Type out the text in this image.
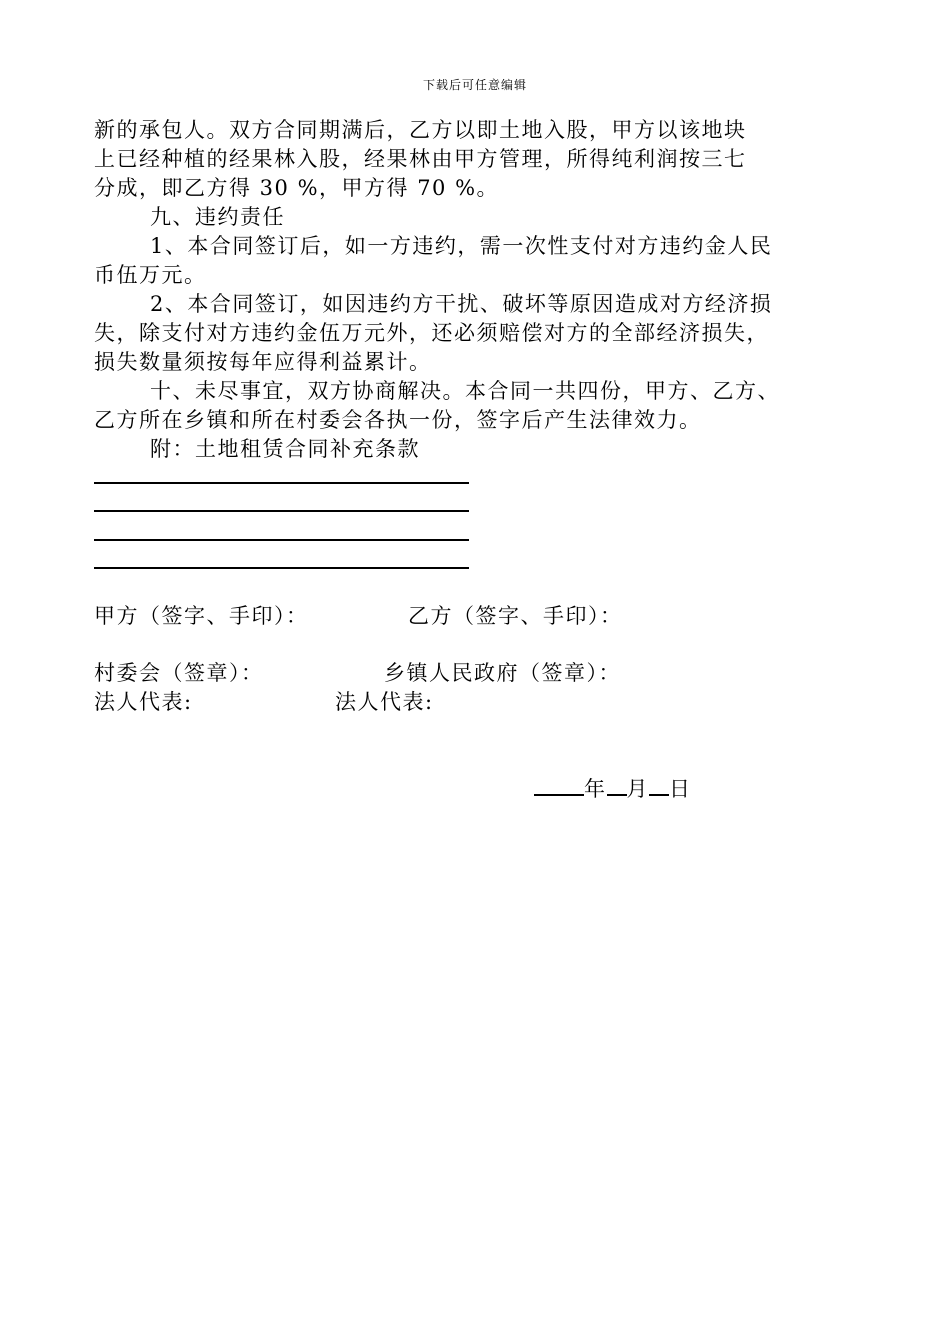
下载后可任意编辑
新的承包人。双方合同期满后，乙方以即土地入股，甲方以该地块
上已经种植的经果林入股，经果林由甲方管理，所得纯利润按三七
分成，即乙方得 30 %，甲方得 70 %。
九、违约责任
1、本合同签订后，如一方违约，需一次性支付对方违约金人民
币伍万元。
2、本合同签订，如因违约方干扰、破坏等原因造成对方经济损
失，除支付对方违约金伍万元外，还必须赔偿对方的全部经济损失，
损失数量须按每年应得利益累计。
十、未尽事宜，双方协商解决。本合同一共四份，甲方、乙方、
乙方所在乡镇和所在村委会各执一份，签字后产生法律效力。
附：土地租赁合同补充条款
甲方（签字、手印）：	乙方（签字、手印）：
村委会（签章）：	乡镇人民政府（签章）：
法人代表:	法人代表:
年 月 日
